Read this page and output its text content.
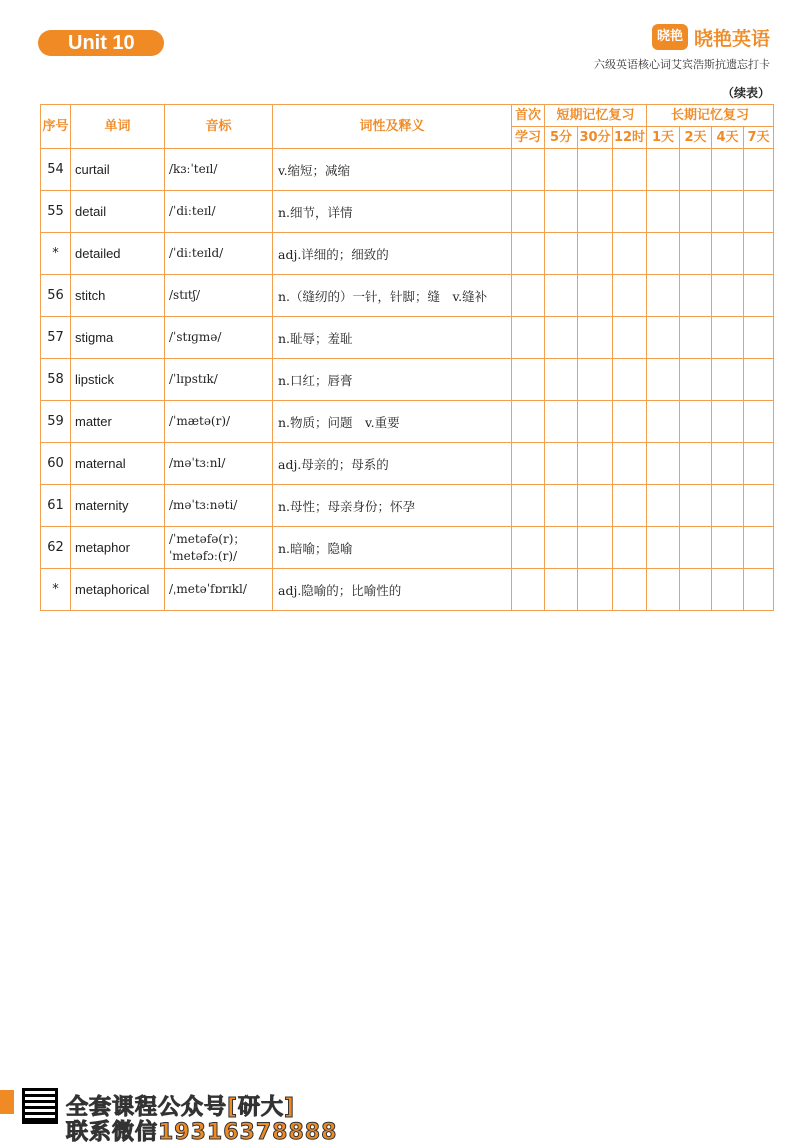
Unit 10	晓艳 晓艳英语
六级英语核心词艾宾浩斯抗遗忘打卡
（续表）
序号	单词	音标	词性及释义	首次	短期记忆复习			长期记忆复习			
				学习	5分	30分	12时	1天	2天	4天	7天
54	curtail	/kɜːˈteɪl/	v.缩短；减缩								
55	detail	/ˈdiːteɪl/	n.细节，详情								
*	detailed	/ˈdiːteɪld/	adj.详细的；细致的								
56	stitch	/stɪtʃ/	n.（缝纫的）一针，针脚；缝　v.缝补								
57	stigma	/ˈstɪɡmə/	n.耻辱；羞耻								
58	lipstick	/ˈlɪpstɪk/	n.口红；唇膏								
59	matter	/ˈmætə(r)/	n.物质；问题　v.重要								
60	maternal	/məˈtɜːnl/	adj.母亲的；母系的								
61	maternity	/məˈtɜːnəti/	n.母性；母亲身份；怀孕								
62	metaphor	/ˈmetəfə(r)；
ˈmetəfɔː(r)/	n.暗喻；隐喻								
*	metaphorical	/ˌmetəˈfɒrɪkl/	adj.隐喻的；比喻性的								
全套课程公众号[研大]
联系微信19316378888
